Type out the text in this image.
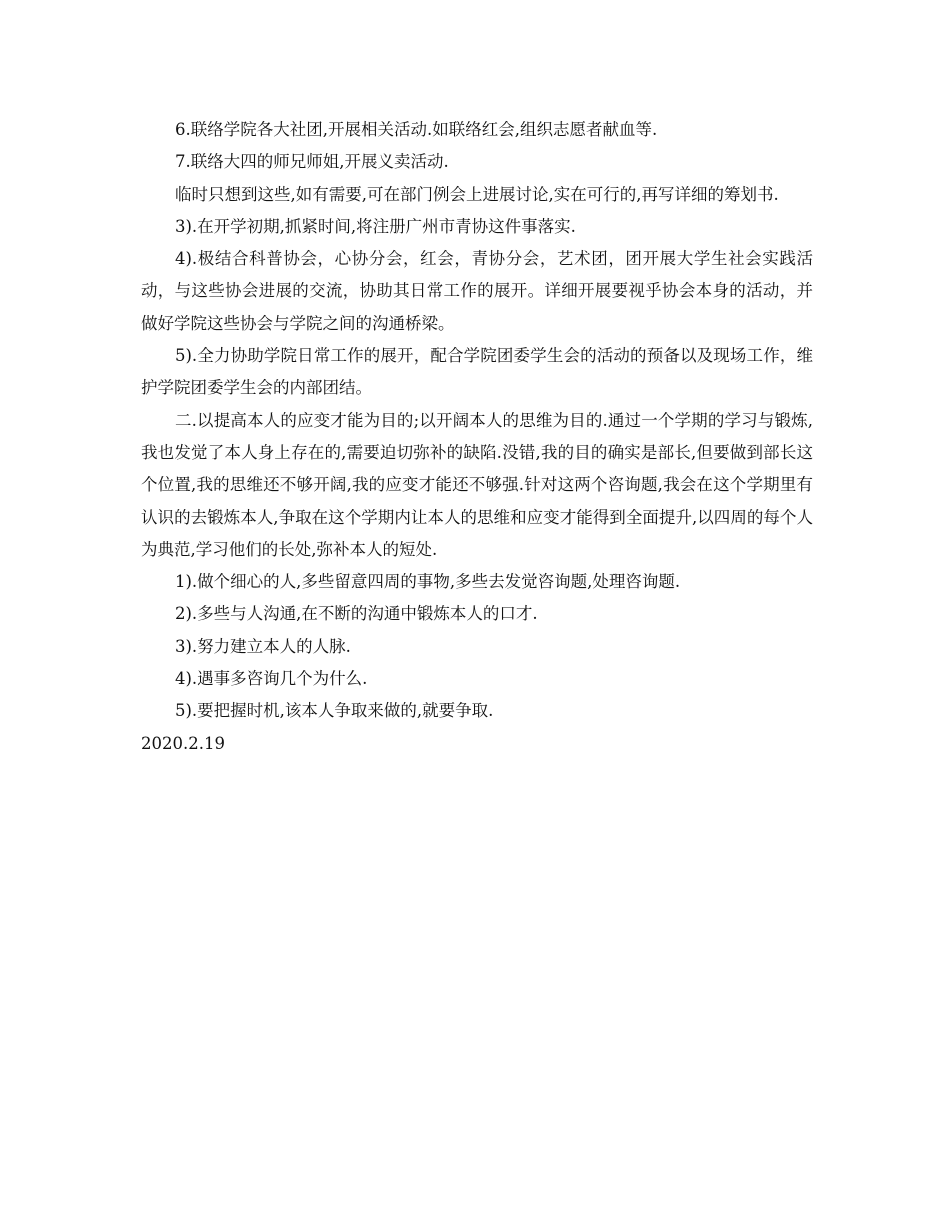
6.联络学院各大社团,开展相关活动.如联络红会,组织志愿者献血等.

7.联络大四的师兄师姐,开展义卖活动.

临时只想到这些,如有需要,可在部门例会上进展讨论,实在可行的,再写详细的筹划书.

3).在开学初期,抓紧时间,将注册广州市青协这件事落实.

4).极结合科普协会，心协分会，红会，青协分会，艺术团，团开展大学生社会实践活动，与这些协会进展的交流，协助其日常工作的展开。详细开展要视乎协会本身的活动，并做好学院这些协会与学院之间的沟通桥梁。

5).全力协助学院日常工作的展开，配合学院团委学生会的活动的预备以及现场工作，维护学院团委学生会的内部团结。

二.以提高本人的应变才能为目的;以开阔本人的思维为目的.通过一个学期的学习与锻炼,我也发觉了本人身上存在的,需要迫切弥补的缺陷.没错,我的目的确实是部长,但要做到部长这个位置,我的思维还不够开阔,我的应变才能还不够强.针对这两个咨询题,我会在这个学期里有认识的去锻炼本人,争取在这个学期内让本人的思维和应变才能得到全面提升,以四周的每个人为典范,学习他们的长处,弥补本人的短处.

1).做个细心的人,多些留意四周的事物,多些去发觉咨询题,处理咨询题.

2).多些与人沟通,在不断的沟通中锻炼本人的口才.

3).努力建立本人的人脉.

4).遇事多咨询几个为什么.

5).要把握时机,该本人争取来做的,就要争取.

2020.2.19
